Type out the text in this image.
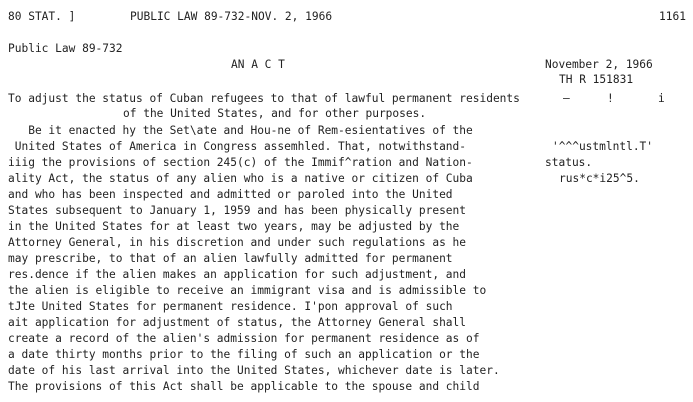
80 STAT. ]	PUBLIC LAW 89-732-NOV. 2, 1966	1161
Public Law 89-732
AN A C T	November 2, 1966
TH R 151831
To adjust the status of Cuban refugees to that of lawful permanent residents	—	!	i
of the United States, and for other purposes.
Be it enacted hy the Set\ate and Hou-ne of Rem-esientatives of the
United States of America in Congress assemhled. That, notwithstand-
iiig the provisions of section 245(c) of the Immif^ration and Nation-
ality Act, the status of any alien who is a native or citizen of Cuba
and who has been inspected and admitted or paroled into the United
States subsequent to January 1, 1959 and has been physically present
in the United States for at least two years, may be adjusted by the
Attorney General, in his discretion and under such regulations as he
may prescribe, to that of an alien lawfully admitted for permanent
res.dence if the alien makes an application for such adjustment, and
the alien is eligible to receive an immigrant visa and is admissible to
tJte United States for permanent residence. I'pon approval of such
ait application for adjustment of status, the Attorney General shall
create a record of the alien's admission for permanent residence as of
a date thirty months prior to the filing of such an application or the
date of his last arrival into the United States, whichever date is later.
The provisions of this Act shall be applicable to the spouse and child
'^^^ustmlntl.T'
status.
rus*c*i25^5.
